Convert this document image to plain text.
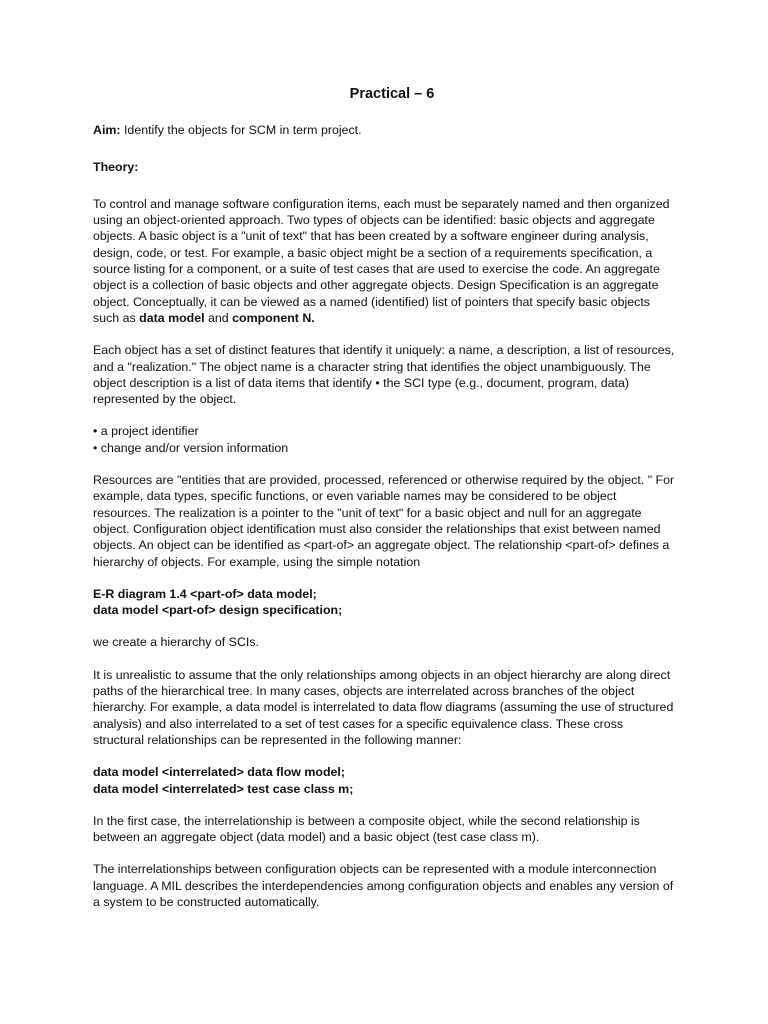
Practical – 6

Aim: Identify the objects for SCM in term project.

Theory:

To control and manage software configuration items, each must be separately named and then organized using an object-oriented approach. Two types of objects can be identified: basic objects and aggregate objects. A basic object is a "unit of text" that has been created by a software engineer during analysis, design, code, or test. For example, a basic object might be a section of a requirements specification, a source listing for a component, or a suite of test cases that are used to exercise the code. An aggregate object is a collection of basic objects and other aggregate objects. Design Specification is an aggregate object. Conceptually, it can be viewed as a named (identified) list of pointers that specify basic objects such as data model and component N.

Each object has a set of distinct features that identify it uniquely: a name, a description, a list of resources, and a "realization." The object name is a character string that identifies the object unambiguously. The object description is a list of data items that identify • the SCI type (e.g., document, program, data) represented by the object.

• a project identifier
• change and/or version information

Resources are "entities that are provided, processed, referenced or otherwise required by the object. " For example, data types, specific functions, or even variable names may be considered to be object resources. The realization is a pointer to the "unit of text" for a basic object and null for an aggregate object. Configuration object identification must also consider the relationships that exist between named objects. An object can be identified as <part-of> an aggregate object. The relationship <part-of> defines a hierarchy of objects. For example, using the simple notation

E-R diagram 1.4 <part-of> data model;
data model <part-of> design specification;

we create a hierarchy of SCIs.

It is unrealistic to assume that the only relationships among objects in an object hierarchy are along direct paths of the hierarchical tree. In many cases, objects are interrelated across branches of the object hierarchy. For example, a data model is interrelated to data flow diagrams (assuming the use of structured analysis) and also interrelated to a set of test cases for a specific equivalence class. These cross structural relationships can be represented in the following manner:

data model <interrelated> data flow model;
data model <interrelated> test case class m;

In the first case, the interrelationship is between a composite object, while the second relationship is between an aggregate object (data model) and a basic object (test case class m).

The interrelationships between configuration objects can be represented with a module interconnection language. A MIL describes the interdependencies among configuration objects and enables any version of a system to be constructed automatically.
